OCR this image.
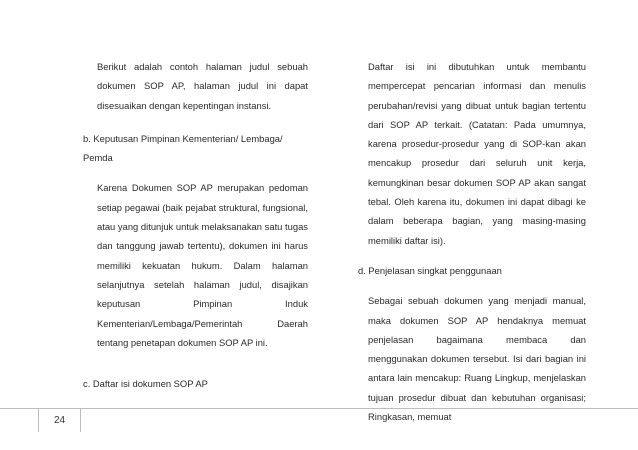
Berikut adalah contoh halaman judul sebuah dokumen SOP AP, halaman judul ini dapat disesuaikan dengan kepentingan instansi.

b. Keputusan Pimpinan Kementerian/ Lembaga/ Pemda

Karena Dokumen SOP AP merupakan pedoman setiap pegawai (baik pejabat struktural, fungsional, atau yang ditunjuk untuk melaksanakan satu tugas dan tanggung jawab tertentu), dokumen ini harus memiliki kekuatan hukum. Dalam halaman selanjutnya setelah halaman judul, disajikan keputusan Pimpinan Induk Kementerian/Lembaga/Pemerintah Daerah tentang penetapan dokumen SOP AP ini.

c. Daftar isi dokumen SOP AP

Daftar isi ini dibutuhkan untuk membantu mempercepat pencarian informasi dan menulis perubahan/revisi yang dibuat untuk bagian tertentu dari SOP AP terkait. (Catatan: Pada umumnya, karena prosedur-prosedur yang di SOP-kan akan mencakup prosedur dari seluruh unit kerja, kemungkinan besar dokumen SOP AP akan sangat tebal. Oleh karena itu, dokumen ini dapat dibagi ke dalam beberapa bagian, yang masing-masing memiliki daftar isi).

d. Penjelasan singkat penggunaan

Sebagai sebuah dokumen yang menjadi manual, maka dokumen SOP AP hendaknya memuat penjelasan bagaimana membaca dan menggunakan dokumen tersebut. Isi dari bagian ini antara lain mencakup: Ruang Lingkup, menjelaskan tujuan prosedur dibuat dan kebutuhan organisasi; Ringkasan, memuat

24
